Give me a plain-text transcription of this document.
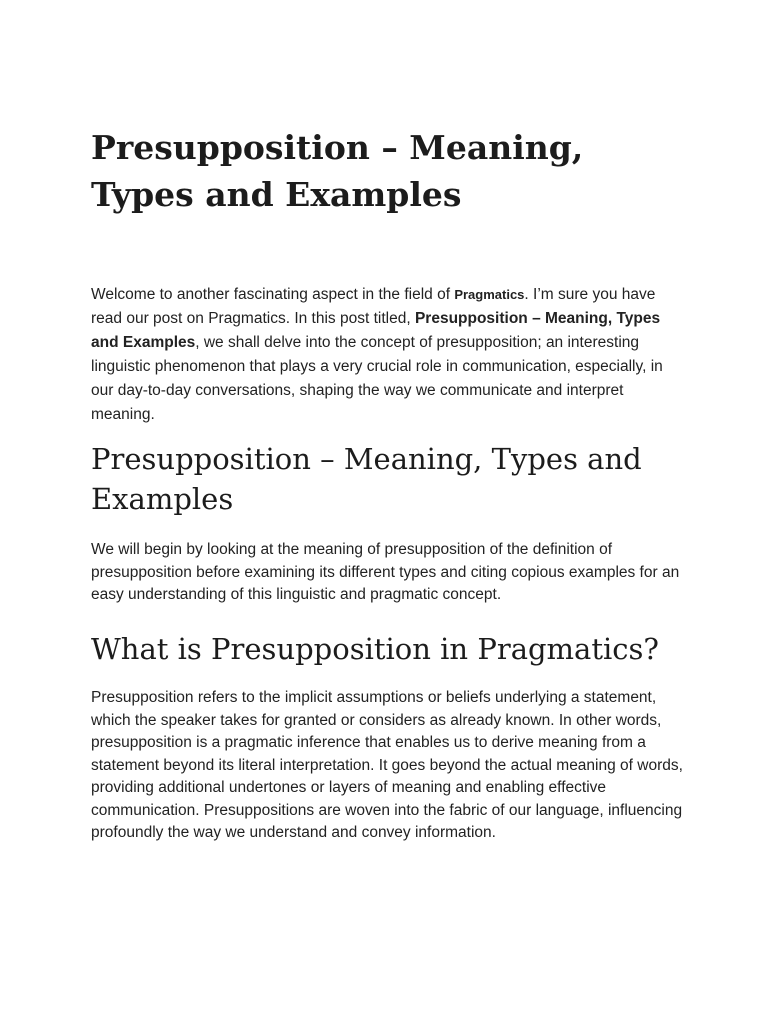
Presupposition – Meaning, Types and Examples

Welcome to another fascinating aspect in the field of Pragmatics. I’m sure you have read our post on Pragmatics. In this post titled, Presupposition – Meaning, Types and Examples, we shall delve into the concept of presupposition; an interesting linguistic phenomenon that plays a very crucial role in communication, especially, in our day-to-day conversations, shaping the way we communicate and interpret meaning.

Presupposition – Meaning, Types and Examples

We will begin by looking at the meaning of presupposition of the definition of presupposition before examining its different types and citing copious examples for an easy understanding of this linguistic and pragmatic concept.

What is Presupposition in Pragmatics?

Presupposition refers to the implicit assumptions or beliefs underlying a statement, which the speaker takes for granted or considers as already known. In other words, presupposition is a pragmatic inference that enables us to derive meaning from a statement beyond its literal interpretation. It goes beyond the actual meaning of words, providing additional undertones or layers of meaning and enabling effective communication. Presuppositions are woven into the fabric of our language, influencing profoundly the way we understand and convey information.
